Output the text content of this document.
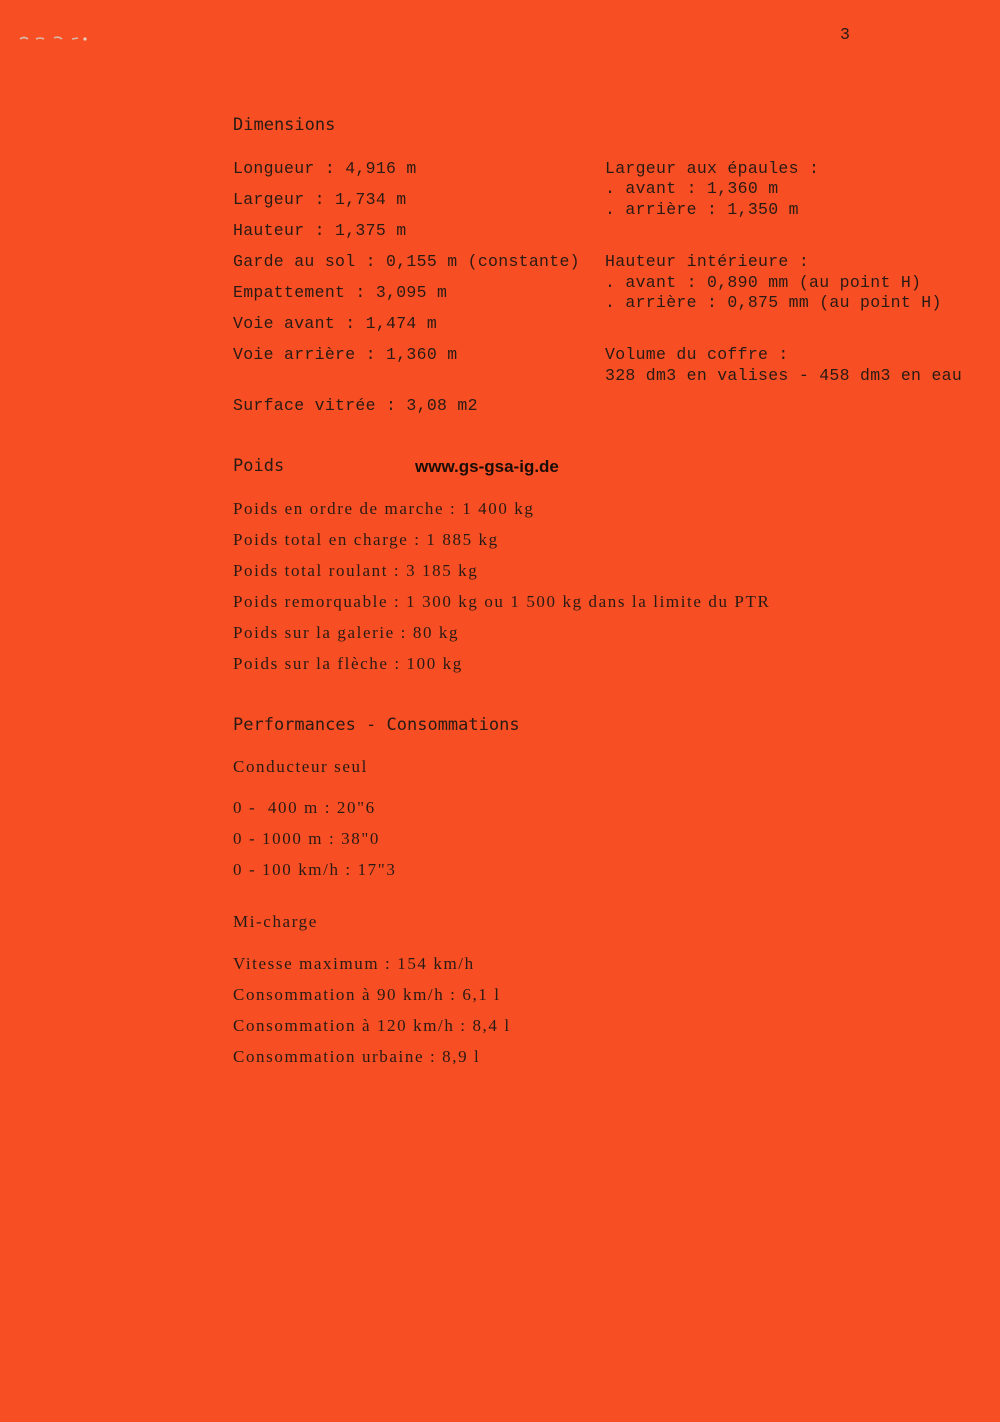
3
Dimensions
Longueur : 4,916 m
Largeur : 1,734 m
Hauteur : 1,375 m
Garde au sol : 0,155 m (constante)
Empattement : 3,095 m
Voie avant : 1,474 m
Voie arrière : 1,360 m
Surface vitrée : 3,08 m2
Largeur aux épaules :
. avant : 1,360 m
. arrière : 1,350 m
Hauteur intérieure :
. avant : 0,890 mm (au point H)
. arrière : 0,875 mm (au point H)
Volume du coffre :
328 dm3 en valises - 458 dm3 en eau
Poids	www.gs-gsa-ig.de
Poids en ordre de marche : 1 400 kg
Poids total en charge : 1 885 kg
Poids total roulant : 3 185 kg
Poids remorquable : 1 300 kg ou 1 500 kg dans la limite du PTR
Poids sur la galerie : 80 kg
Poids sur la flèche : 100 kg
Performances - Consommations
Conducteur seul
0 -  400 m : 20"6
0 - 1000 m : 38"0
0 - 100 km/h : 17"3
Mi-charge
Vitesse maximum : 154 km/h
Consommation à 90 km/h : 6,1 l
Consommation à 120 km/h : 8,4 l
Consommation urbaine : 8,9 l
